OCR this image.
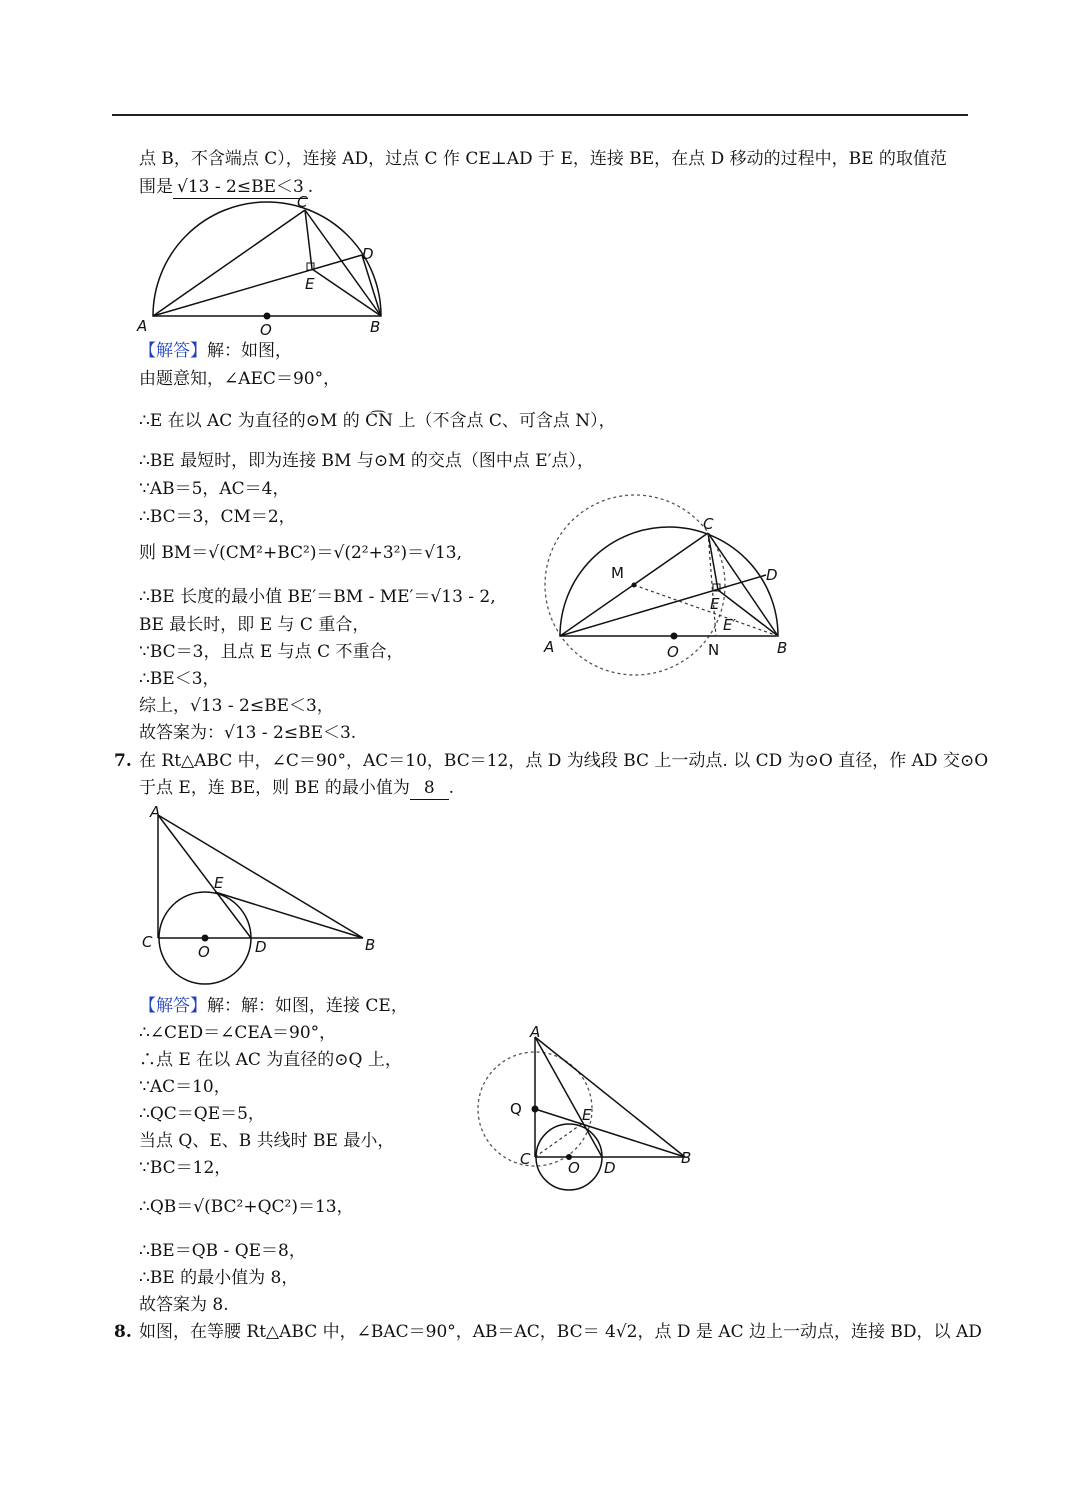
点 B，不含端点 C），连接 AD，过点 C 作 CE⊥AD 于 E，连接 BE，在点 D 移动的过程中，BE 的取值范
围是 √13 - 2≤BE＜3 .
A	B
C
D
E
O
【解答】解：如图，
由题意知，∠AEC＝90°，
∴E 在以 AC 为直径的⊙M 的 C͡N 上（不含点 C、可含点 N），
∴BE 最短时，即为连接 BM 与⊙M 的交点（图中点 E′点），
∵AB＝5，AC＝4，
∴BC＝3，CM＝2，
则 BM＝√(CM²+BC²)＝√(2²+3²)＝√13,
∴BE 长度的最小值 BE′＝BM - ME′＝√13 - 2,
BE 最长时，即 E 与 C 重合，
∵BC＝3，且点 E 与点 C 不重合，
∴BE＜3，
综上，√13 - 2≤BE＜3，
故答案为：√13 - 2≤BE＜3.
A	B
C
D
E
E′
O
M
N
7. 在 Rt△ABC 中，∠C＝90°，AC＝10，BC＝12，点 D 为线段 BC 上一动点. 以 CD 为⊙O 直径，作 AD 交⊙O
于点 E，连 BE，则 BE 的最小值为 8 .
A
B
C	D
E
O
【解答】解：解：如图，连接 CE，
∴∠CED＝∠CEA＝90°，
∴点 E 在以 AC 为直径的⊙Q 上，
∵AC＝10，
∴QC＝QE＝5，
当点 Q、E、B 共线时 BE 最小，
∵BC＝12，
∴QB＝√(BC²+QC²)＝13，
∴BE＝QB - QE＝8，
∴BE 的最小值为 8，
故答案为 8.
A
B
C	D
E
O
Q
8. 如图，在等腰 Rt△ABC 中，∠BAC＝90°，AB＝AC，BC＝ 4√2，点 D 是 AC 边上一动点，连接 BD，以 AD
